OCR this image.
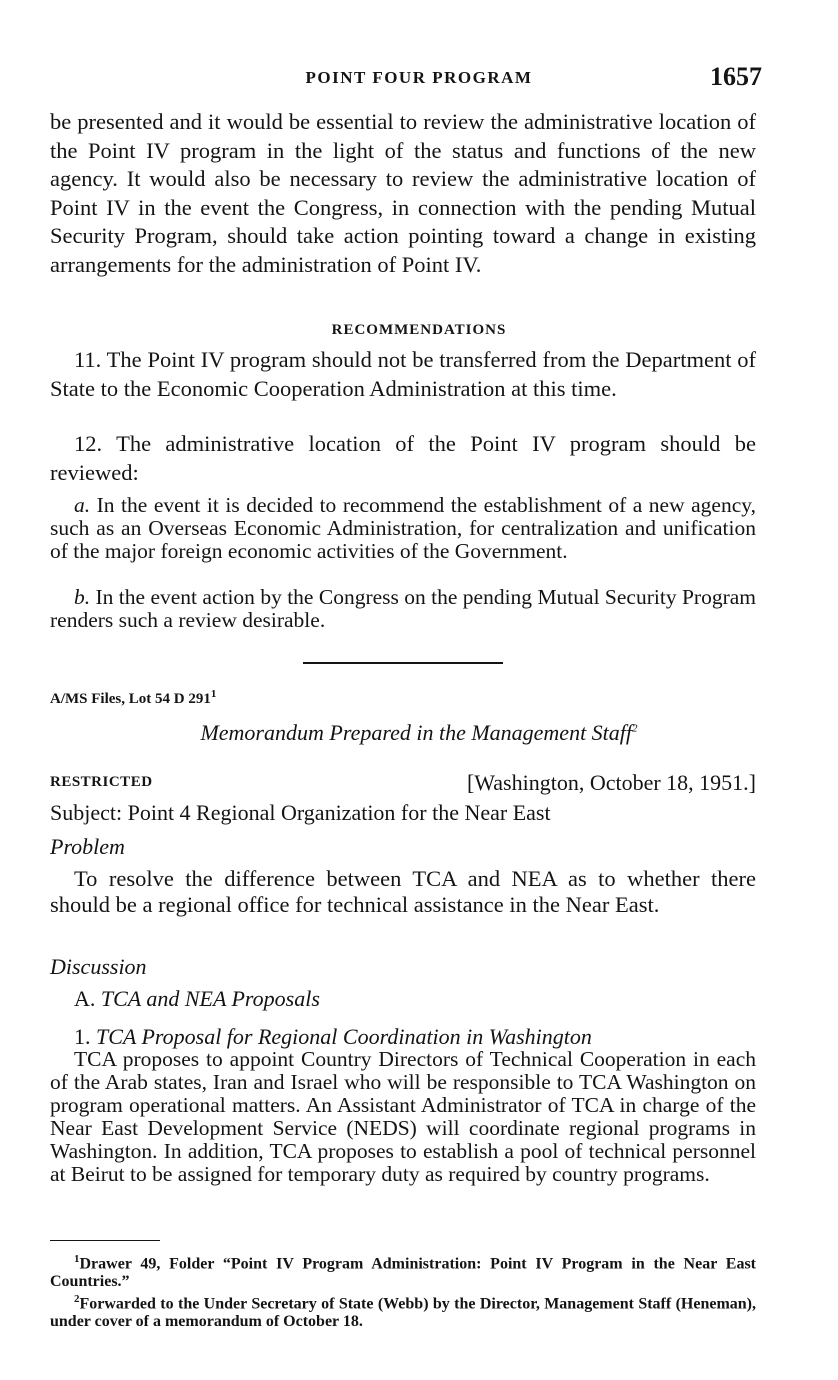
POINT FOUR PROGRAM	1657

be presented and it would be essential to review the administrative location of the Point IV program in the light of the status and functions of the new agency. It would also be necessary to review the administrative location of Point IV in the event the Congress, in connection with the pending Mutual Security Program, should take action pointing toward a change in existing arrangements for the administration of Point IV.

RECOMMENDATIONS

11. The Point IV program should not be transferred from the Department of State to the Economic Cooperation Administration at this time.

12. The administrative location of the Point IV program should be reviewed:

a. In the event it is decided to recommend the establishment of a new agency, such as an Overseas Economic Administration, for centralization and unification of the major foreign economic activities of the Government.

b. In the event action by the Congress on the pending Mutual Security Program renders such a review desirable.

A/MS Files, Lot 54 D $291^1$
Memorandum Prepared in the Management Staff$^2$
RESTRICTED	[Washington, October 18, 1951.]
Subject: Point 4 Regional Organization for the Near East
Problem

To resolve the difference between TCA and NEA as to whether there should be a regional office for technical assistance in the Near East.

Discussion
A. TCA and NEA Proposals
1. TCA Proposal for Regional Coordination in Washington

TCA proposes to appoint Country Directors of Technical Cooperation in each of the Arab states, Iran and Israel who will be responsible to TCA Washington on program operational matters. An Assistant Administrator of TCA in charge of the Near East Development Service (NEDS) will coordinate regional programs in Washington. In addition, TCA proposes to establish a pool of technical personnel at Beirut to be assigned for temporary duty as required by country programs.

$^1$Drawer 49, Folder “Point IV Program Administration: Point IV Program in the Near East Countries.”

$^2$Forwarded to the Under Secretary of State (Webb) by the Director, Management Staff (Heneman), under cover of a memorandum of October 18.
